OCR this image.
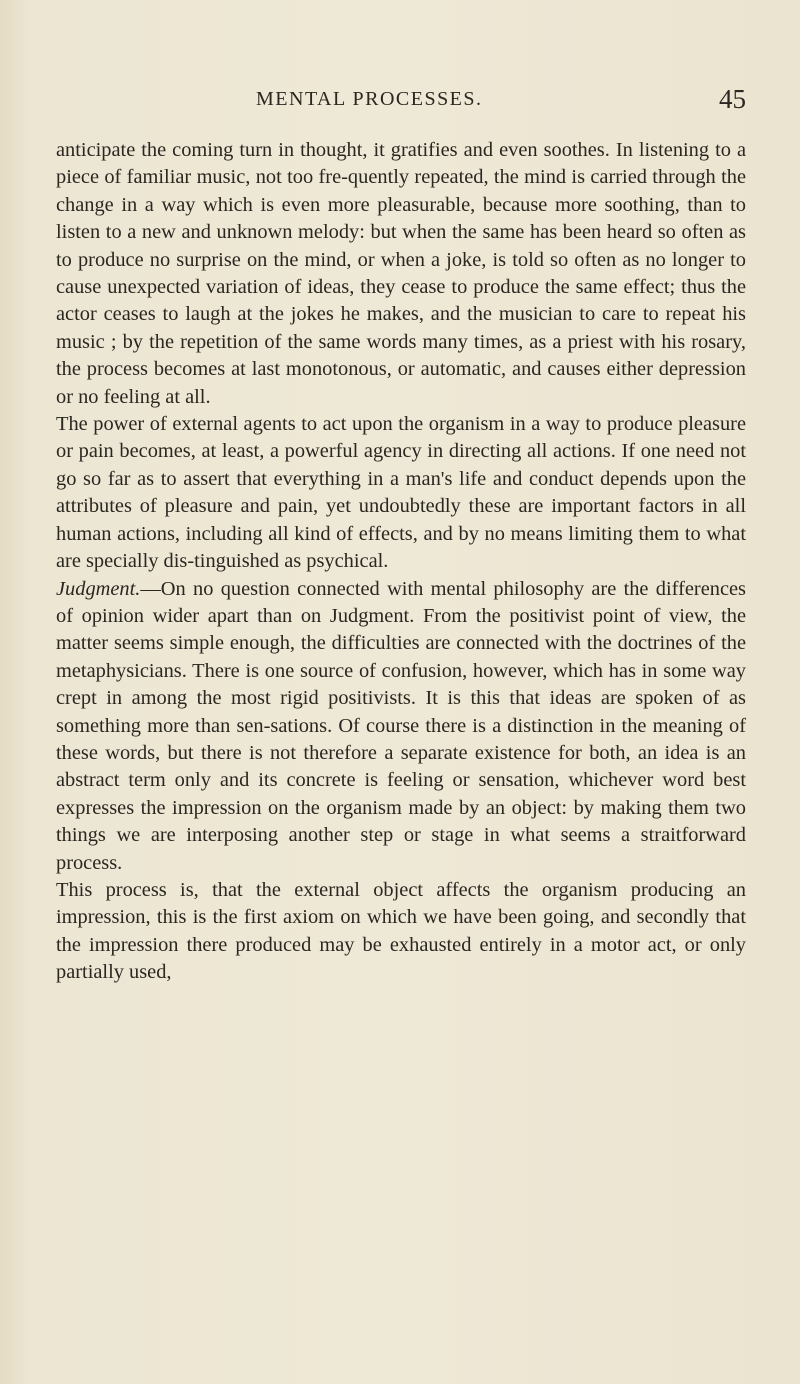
MENTAL PROCESSES.	45

anticipate the coming turn in thought, it gratifies and even soothes. In listening to a piece of familiar music, not too fre-quently repeated, the mind is carried through the change in a way which is even more pleasurable, because more soothing, than to listen to a new and unknown melody: but when the same has been heard so often as to produce no surprise on the mind, or when a joke, is told so often as no longer to cause unexpected variation of ideas, they cease to produce the same effect; thus the actor ceases to laugh at the jokes he makes, and the musician to care to repeat his music ; by the repetition of the same words many times, as a priest with his rosary, the process becomes at last monotonous, or automatic, and causes either depression or no feeling at all.

The power of external agents to act upon the organism in a way to produce pleasure or pain becomes, at least, a powerful agency in directing all actions. If one need not go so far as to assert that everything in a man's life and conduct depends upon the attributes of pleasure and pain, yet undoubtedly these are important factors in all human actions, including all kind of effects, and by no means limiting them to what are specially dis-tinguished as psychical.

Judgment.—On no question connected with mental philosophy are the differences of opinion wider apart than on Judgment. From the positivist point of view, the matter seems simple enough, the difficulties are connected with the doctrines of the metaphysicians. There is one source of confusion, however, which has in some way crept in among the most rigid positivists. It is this that ideas are spoken of as something more than sen-sations. Of course there is a distinction in the meaning of these words, but there is not therefore a separate existence for both, an idea is an abstract term only and its concrete is feeling or sensation, whichever word best expresses the impression on the organism made by an object: by making them two things we are interposing another step or stage in what seems a straitforward process.

This process is, that the external object affects the organism producing an impression, this is the first axiom on which we have been going, and secondly that the impression there produced may be exhausted entirely in a motor act, or only partially used,
